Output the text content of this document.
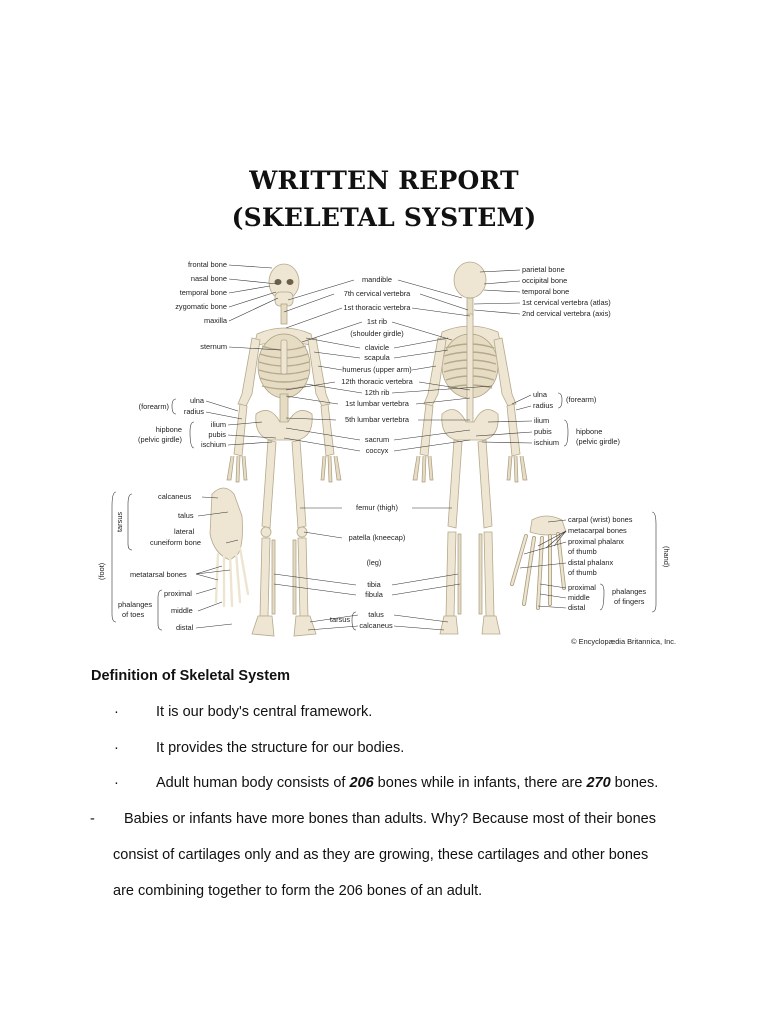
WRITTEN REPORT
(SKELETAL SYSTEM)
frontal bone
nasal bone
temporal bone
zygomatic bone
maxilla
sternum
ulna
radius
(forearm)
hipbone
(pelvic girdle)
ilium
pubis
ischium
mandible
7th cervical vertebra
1st thoracic vertebra
1st rib
(shoulder girdle)
clavicle
scapula
humerus (upper arm)
12th thoracic vertebra
12th rib
1st lumbar vertebra
5th lumbar vertebra
sacrum
coccyx
femur (thigh)
patella (kneecap)
(leg)
tibia
fibula
tarsus
talus
calcaneus
parietal bone
occipital bone
temporal bone
1st cervical vertebra (atlas)
2nd cervical vertebra (axis)
ulna
radius
(forearm)
ilium
pubis
ischium
hipbone
(pelvic girdle)
calcaneus
talus
lateral
cuneiform bone
tarsus
(foot)	metatarsal bones
proximal
middle
distal
phalanges
of toes
carpal (wrist) bones
metacarpal bones
proximal phalanx
of thumb
distal phalanx
of thumb
proximal
middle
distal
phalanges
of fingers
(hand)
© Encyclopædia Britannica, Inc.
Definition of Skeletal System
·	It is our body's central framework.
·	It provides the structure for our bodies.
·	Adult human body consists of 206 bones while in infants, there are 270 bones.
- Babies or infants have more bones than adults. Why? Because most of their bones
consist of cartilages only and as they are growing, these cartilages and other bones
are combining together to form the 206 bones of an adult.
